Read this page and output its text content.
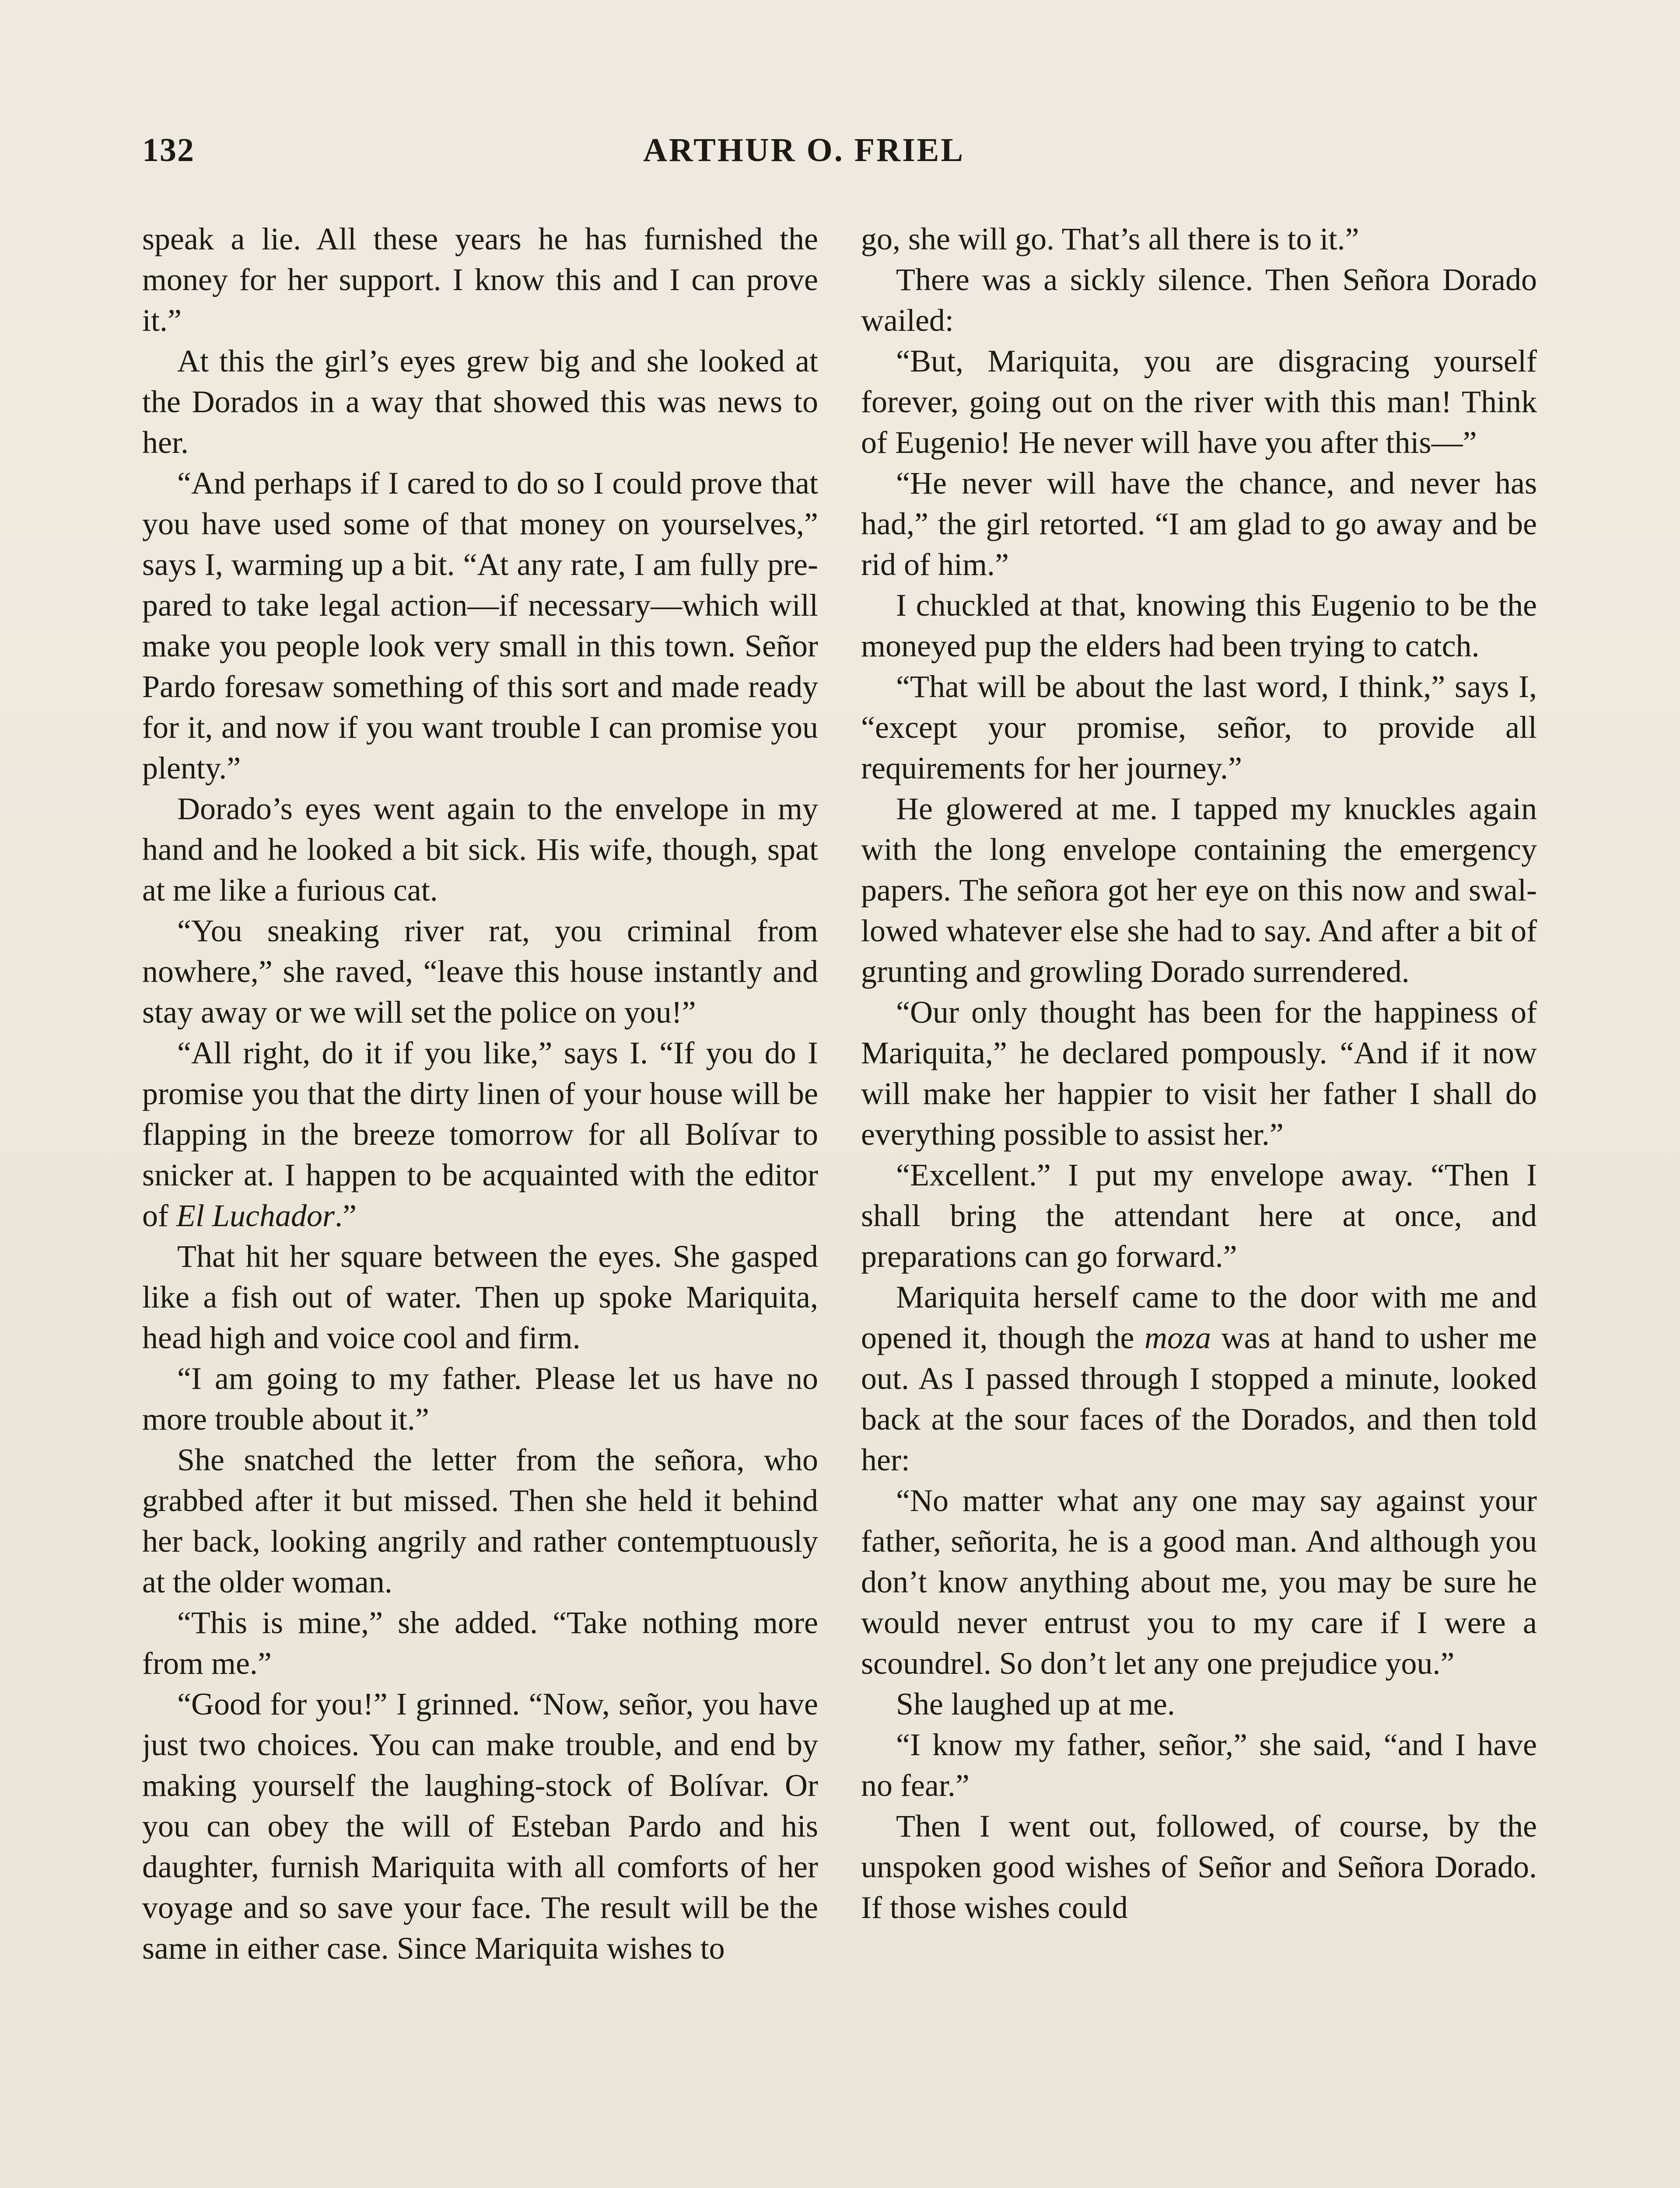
132	ARTHUR O. FRIEL

speak a lie. All these years he has furnished the money for her support. I know this and I can prove it.”

At this the girl’s eyes grew big and she looked at the Dorados in a way that showed this was news to her.

“And perhaps if I cared to do so I could prove that you have used some of that money on yourselves,” says I, warming up a bit. “At any rate, I am fully prepared to take legal action—if necessary—which will make you people look very small in this town. Señor Pardo foresaw something of this sort and made ready for it, and now if you want trouble I can promise you plenty.”

Dorado’s eyes went again to the envelope in my hand and he looked a bit sick. His wife, though, spat at me like a furious cat.

“You sneaking river rat, you criminal from nowhere,” she raved, “leave this house instantly and stay away or we will set the police on you!”

“All right, do it if you like,” says I. “If you do I promise you that the dirty linen of your house will be flapping in the breeze tomorrow for all Bolívar to snicker at. I happen to be acquainted with the editor of El Luchador.”

That hit her square between the eyes. She gasped like a fish out of water. Then up spoke Mariquita, head high and voice cool and firm.

“I am going to my father. Please let us have no more trouble about it.”

She snatched the letter from the señora, who grabbed after it but missed. Then she held it behind her back, looking angrily and rather contemptuously at the older woman.

“This is mine,” she added. “Take nothing more from me.”

“Good for you!” I grinned. “Now, señor, you have just two choices. You can make trouble, and end by making yourself the laughing-stock of Bolívar. Or you can obey the will of Esteban Pardo and his daughter, furnish Mariquita with all comforts of her voyage and so save your face. The result will be the same in either case. Since Mariquita wishes to

go, she will go. That’s all there is to it.”

There was a sickly silence. Then Señora Dorado wailed:

“But, Mariquita, you are disgracing yourself forever, going out on the river with this man! Think of Eugenio! He never will have you after this—”

“He never will have the chance, and never has had,” the girl retorted. “I am glad to go away and be rid of him.”

I chuckled at that, knowing this Eugenio to be the moneyed pup the elders had been trying to catch.

“That will be about the last word, I think,” says I, “except your promise, señor, to provide all requirements for her journey.”

He glowered at me. I tapped my knuckles again with the long envelope containing the emergency papers. The señora got her eye on this now and swallowed whatever else she had to say. And after a bit of grunting and growling Dorado surrendered.

“Our only thought has been for the happiness of Mariquita,” he declared pompously. “And if it now will make her happier to visit her father I shall do everything possible to assist her.”

“Excellent.” I put my envelope away. “Then I shall bring the attendant here at once, and preparations can go forward.”

Mariquita herself came to the door with me and opened it, though the moza was at hand to usher me out. As I passed through I stopped a minute, looked back at the sour faces of the Dorados, and then told her:

“No matter what any one may say against your father, señorita, he is a good man. And although you don’t know anything about me, you may be sure he would never entrust you to my care if I were a scoundrel. So don’t let any one prejudice you.”

She laughed up at me.

“I know my father, señor,” she said, “and I have no fear.”

Then I went out, followed, of course, by the unspoken good wishes of Señor and Señora Dorado. If those wishes could
